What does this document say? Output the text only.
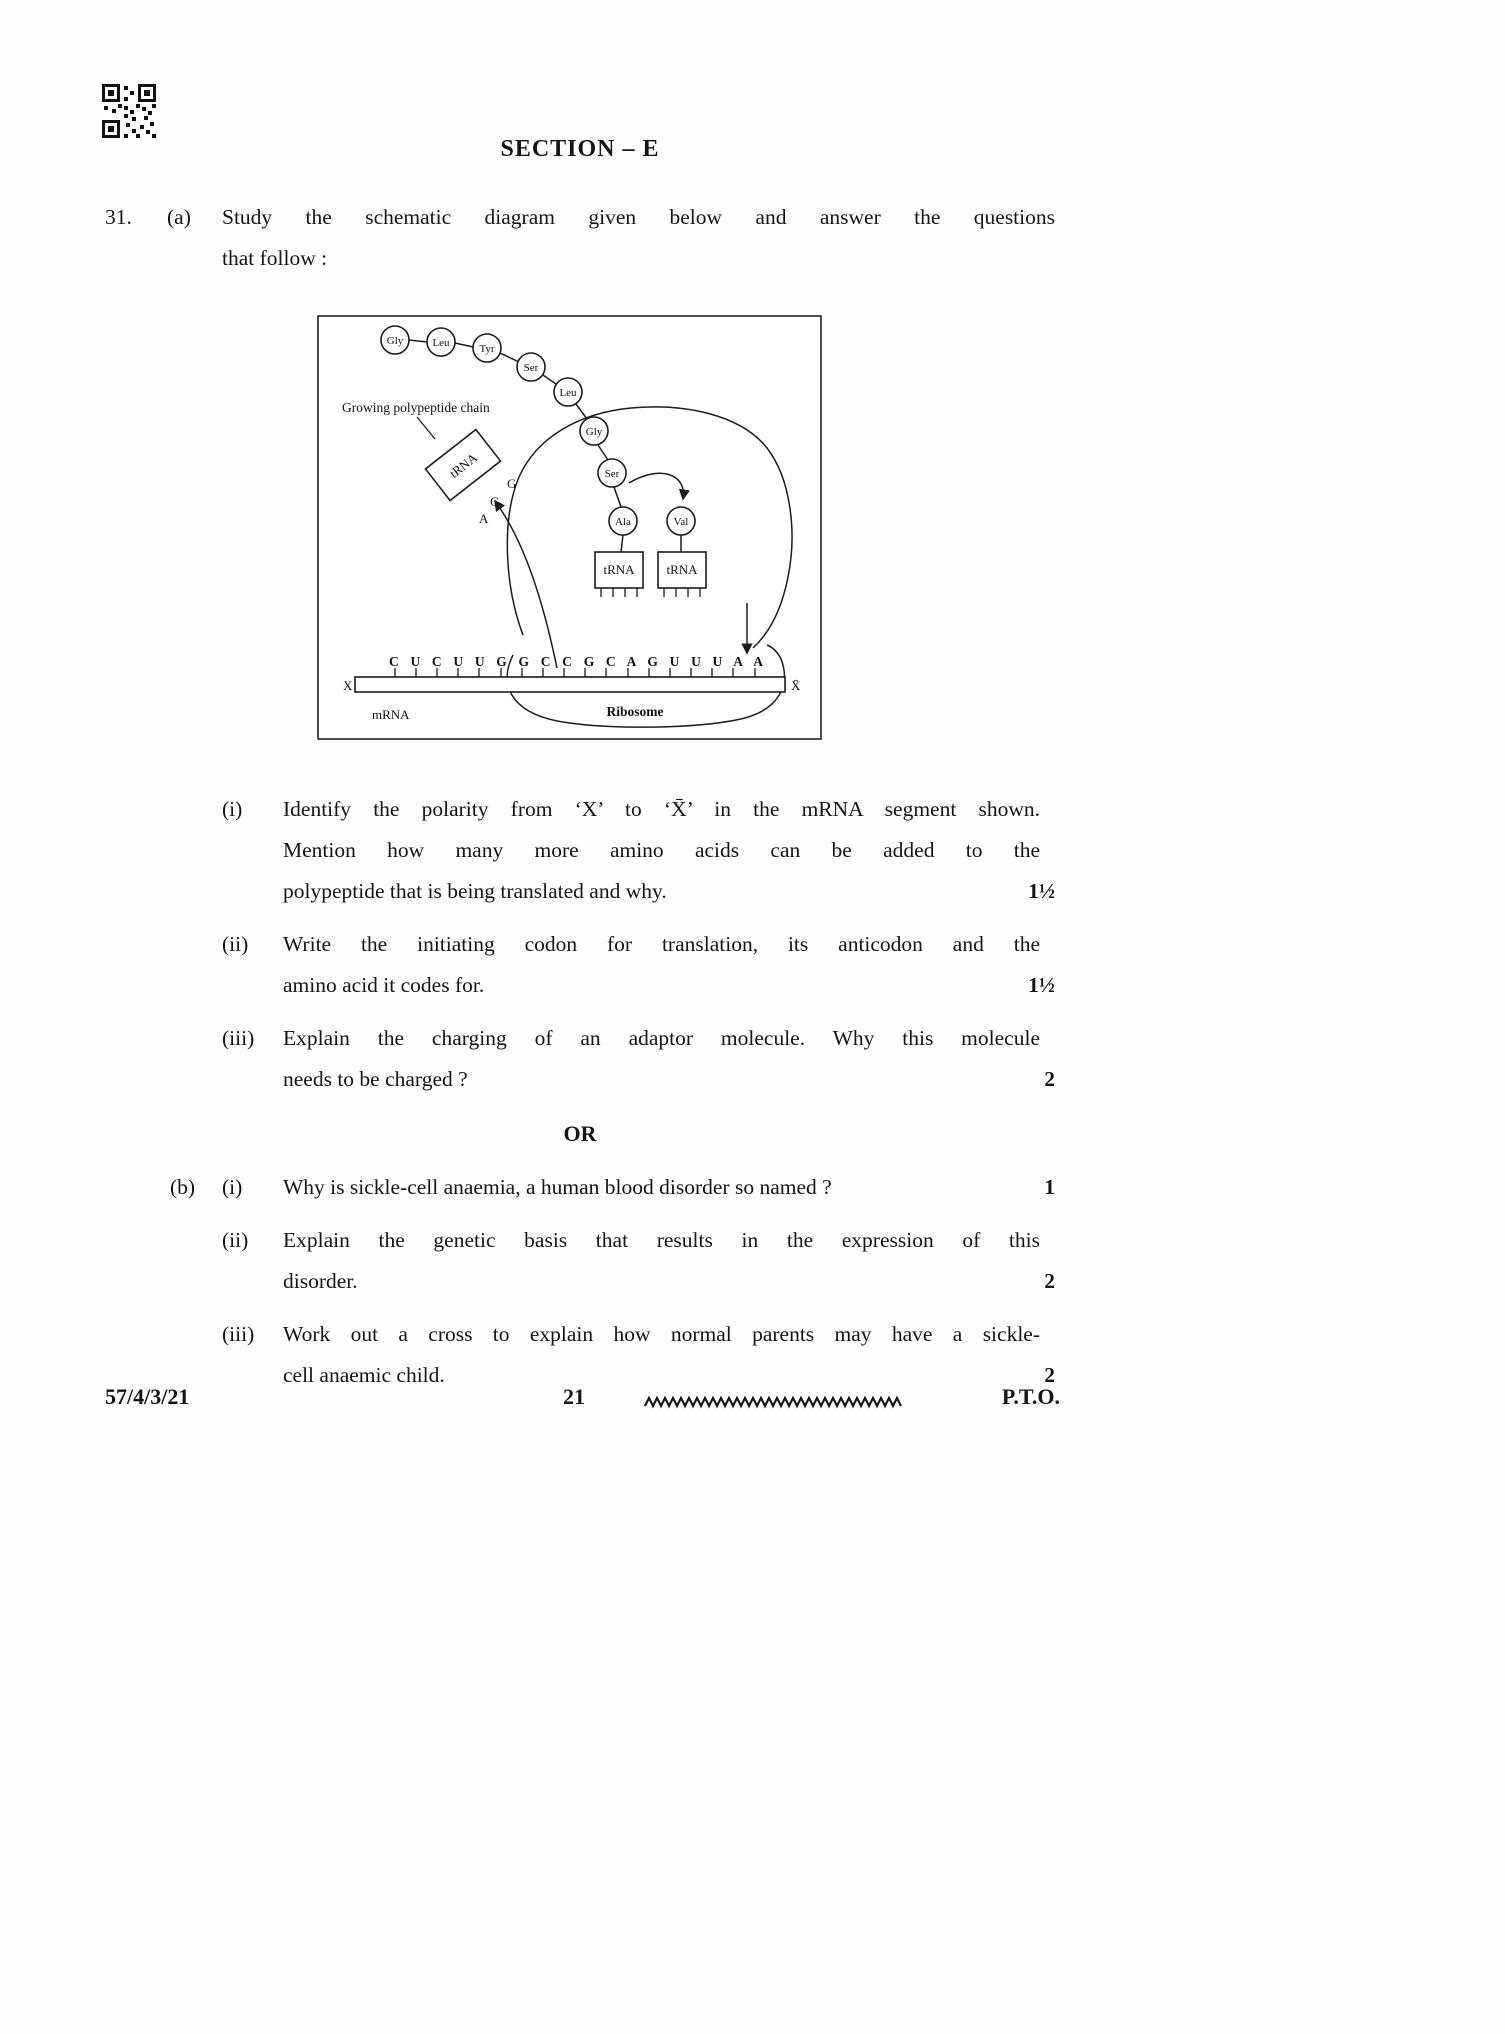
SECTION – E
31.	(a)	Study the schematic diagram given below and answer the questions
that follow :
C U C U U G G C C G C A G U U U A A
X	X̄
tRNA tRNA
tRNA
G
G
A
Gly	Leu	Tyr
Ser
Leu
Gly
Ser
Ala	Val
Growing polypeptide chain
mRNA	Ribosome
(i)	Identify the polarity from ‘X’ to ‘X̄’ in the mRNA segment shown.
Mention how many more amino acids can be added to the
polypeptide that is being translated and why.	1½
(ii)	Write the initiating codon for translation, its anticodon and the
amino acid it codes for.	1½
(iii)	Explain the charging of an adaptor molecule. Why this molecule
needs to be charged ?	2
OR
(b) (i)	Why is sickle-cell anaemia, a human blood disorder so named ?	1
(ii)	Explain the genetic basis that results in the expression of this
disorder.	2
(iii)	Work out a cross to explain how normal parents may have a sickle-
cell anaemic child.	2
57/4/3/21	21	P.T.O.
